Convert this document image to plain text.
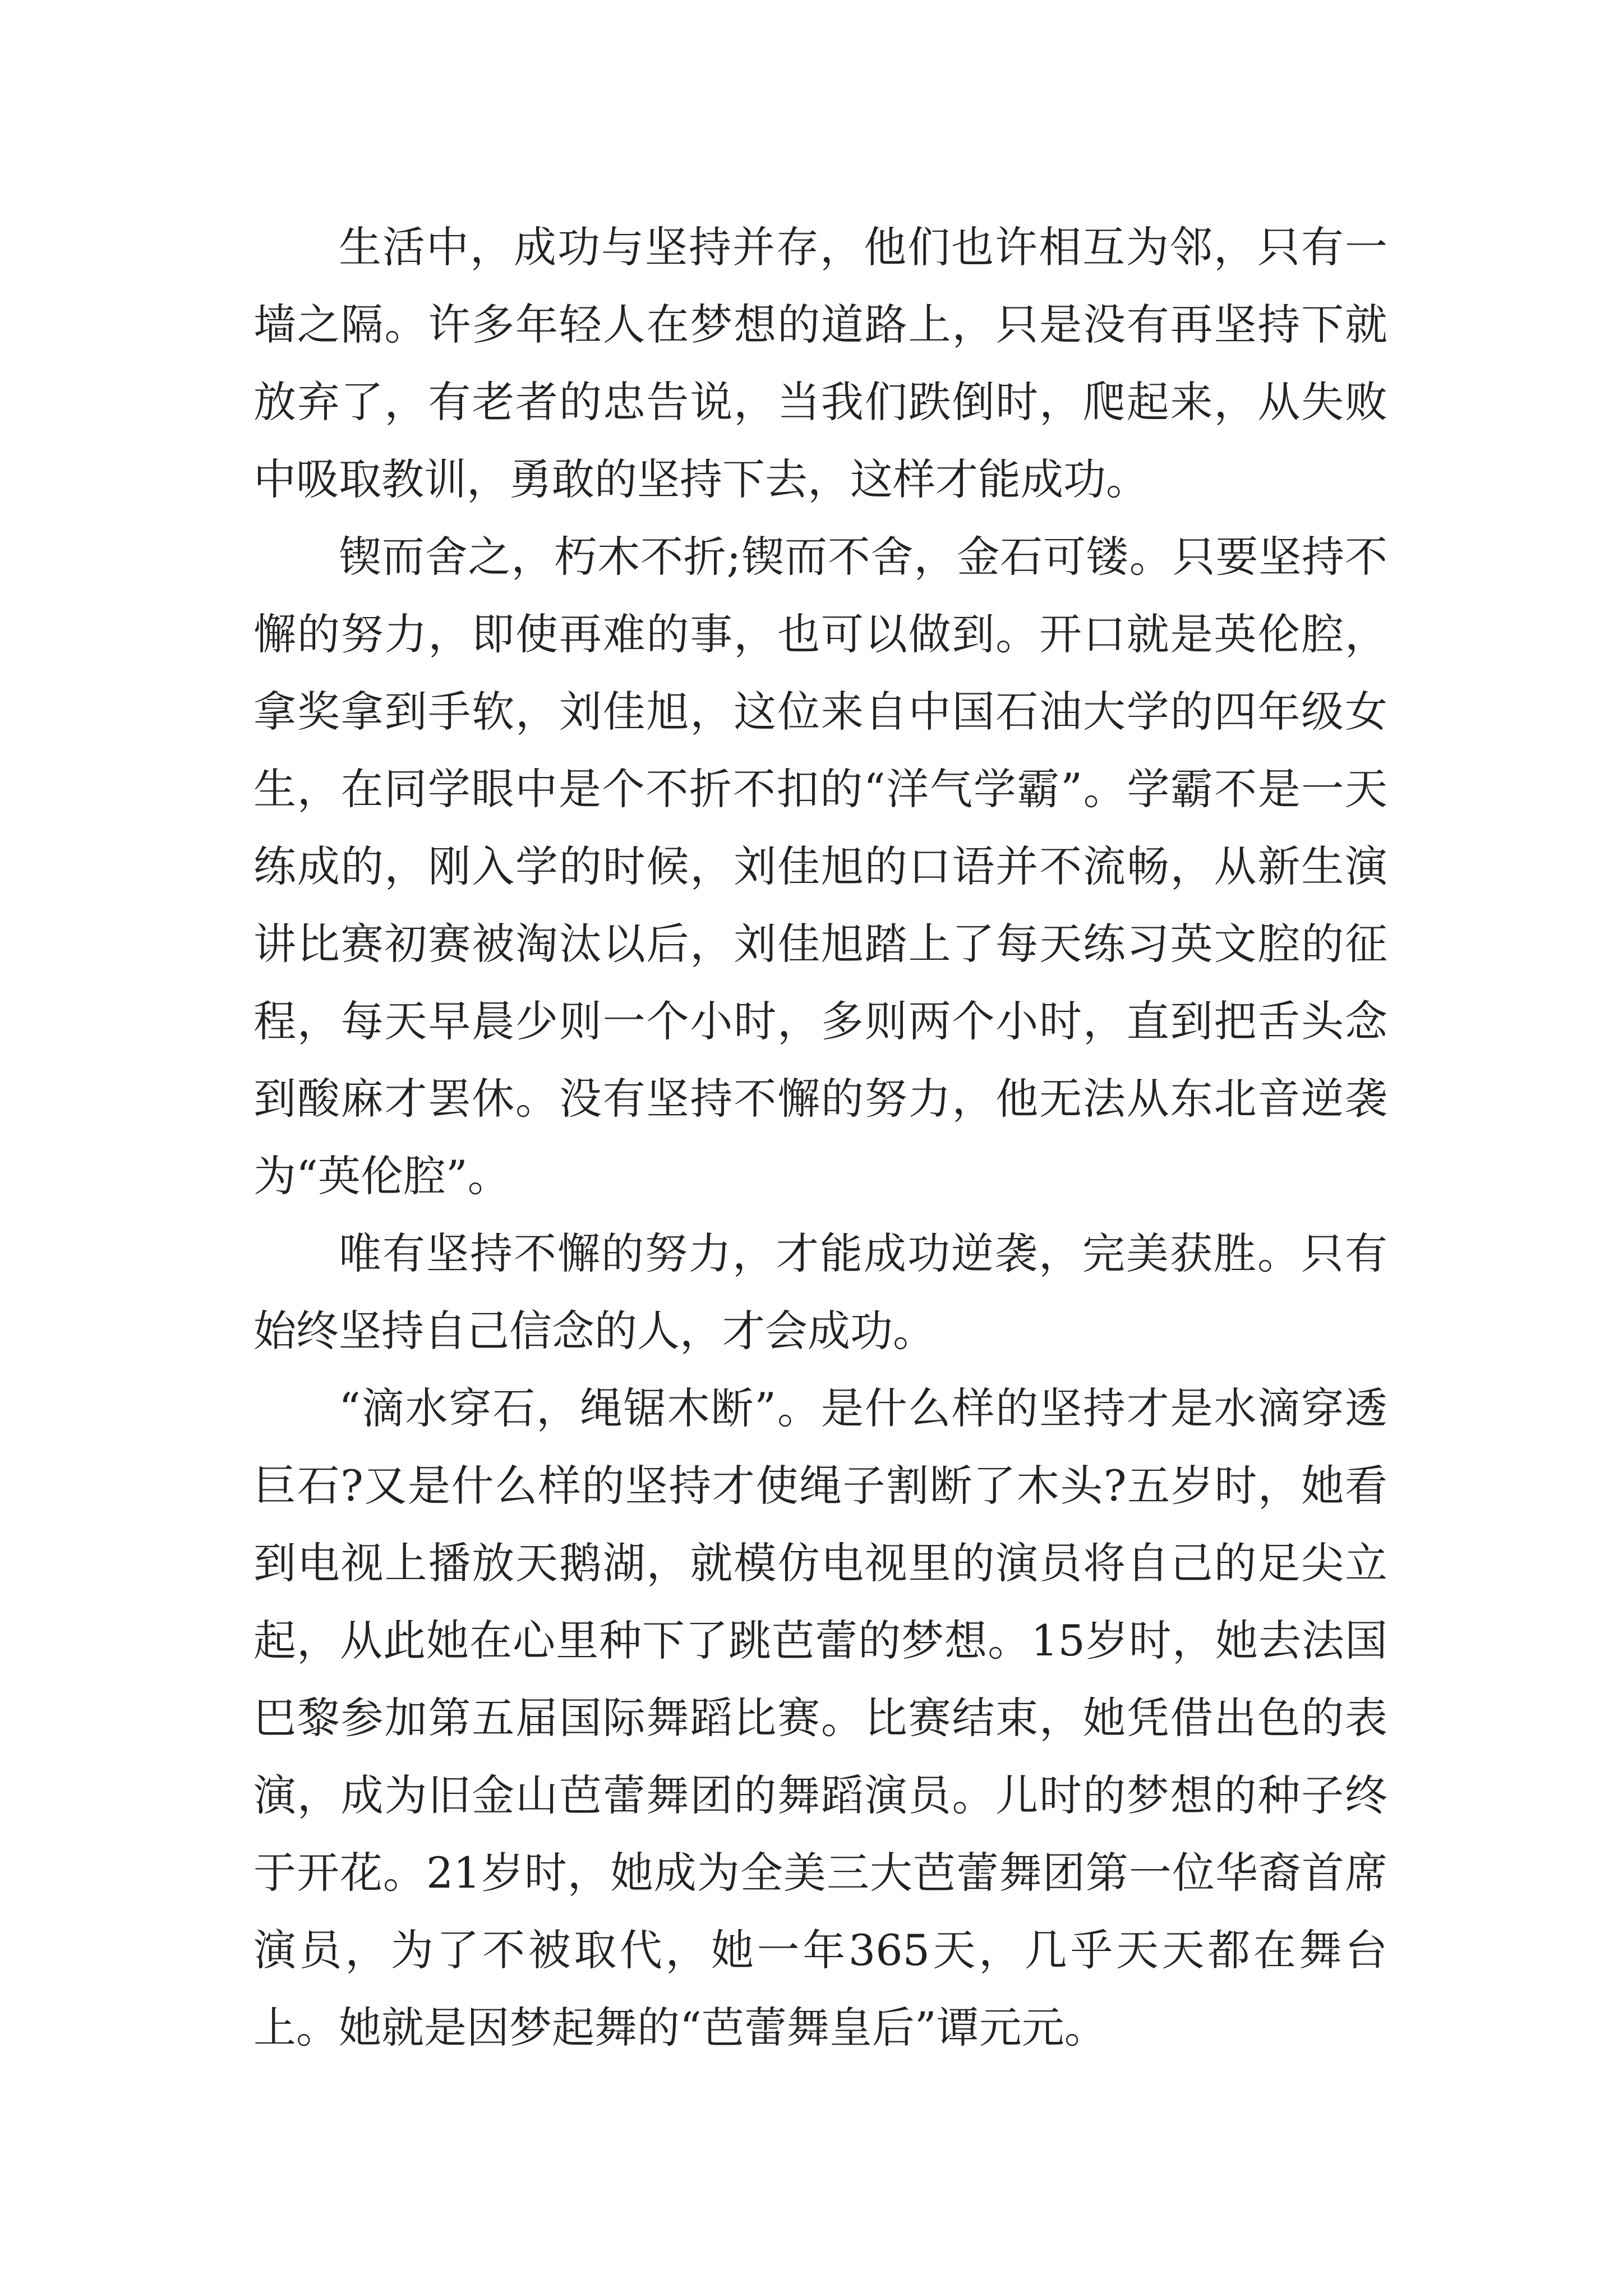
生活中，成功与坚持并存，他们也许相互为邻，只有一墙之隔。许多年轻人在梦想的道路上，只是没有再坚持下就放弃了，有老者的忠告说，当我们跌倒时，爬起来，从失败中吸取教训，勇敢的坚持下去，这样才能成功。

锲而舍之，朽木不折;锲而不舍，金石可镂。只要坚持不懈的努力，即使再难的事，也可以做到。开口就是英伦腔，拿奖拿到手软，刘佳旭，这位来自中国石油大学的四年级女生，在同学眼中是个不折不扣的“洋气学霸”。学霸不是一天练成的，刚入学的时候，刘佳旭的口语并不流畅，从新生演讲比赛初赛被淘汰以后，刘佳旭踏上了每天练习英文腔的征程，每天早晨少则一个小时，多则两个小时，直到把舌头念到酸麻才罢休。没有坚持不懈的努力，他无法从东北音逆袭为“英伦腔”。

唯有坚持不懈的努力，才能成功逆袭，完美获胜。只有始终坚持自己信念的人，才会成功。

“滴水穿石，绳锯木断”。是什么样的坚持才是水滴穿透巨石?又是什么样的坚持才使绳子割断了木头?五岁时，她看到电视上播放天鹅湖，就模仿电视里的演员将自己的足尖立起，从此她在心里种下了跳芭蕾的梦想。15岁时，她去法国巴黎参加第五届国际舞蹈比赛。比赛结束，她凭借出色的表演，成为旧金山芭蕾舞团的舞蹈演员。儿时的梦想的种子终于开花。21岁时，她成为全美三大芭蕾舞团第一位华裔首席演员，为了不被取代，她一年365天，几乎天天都在舞台上。她就是因梦起舞的“芭蕾舞皇后”谭元元。
